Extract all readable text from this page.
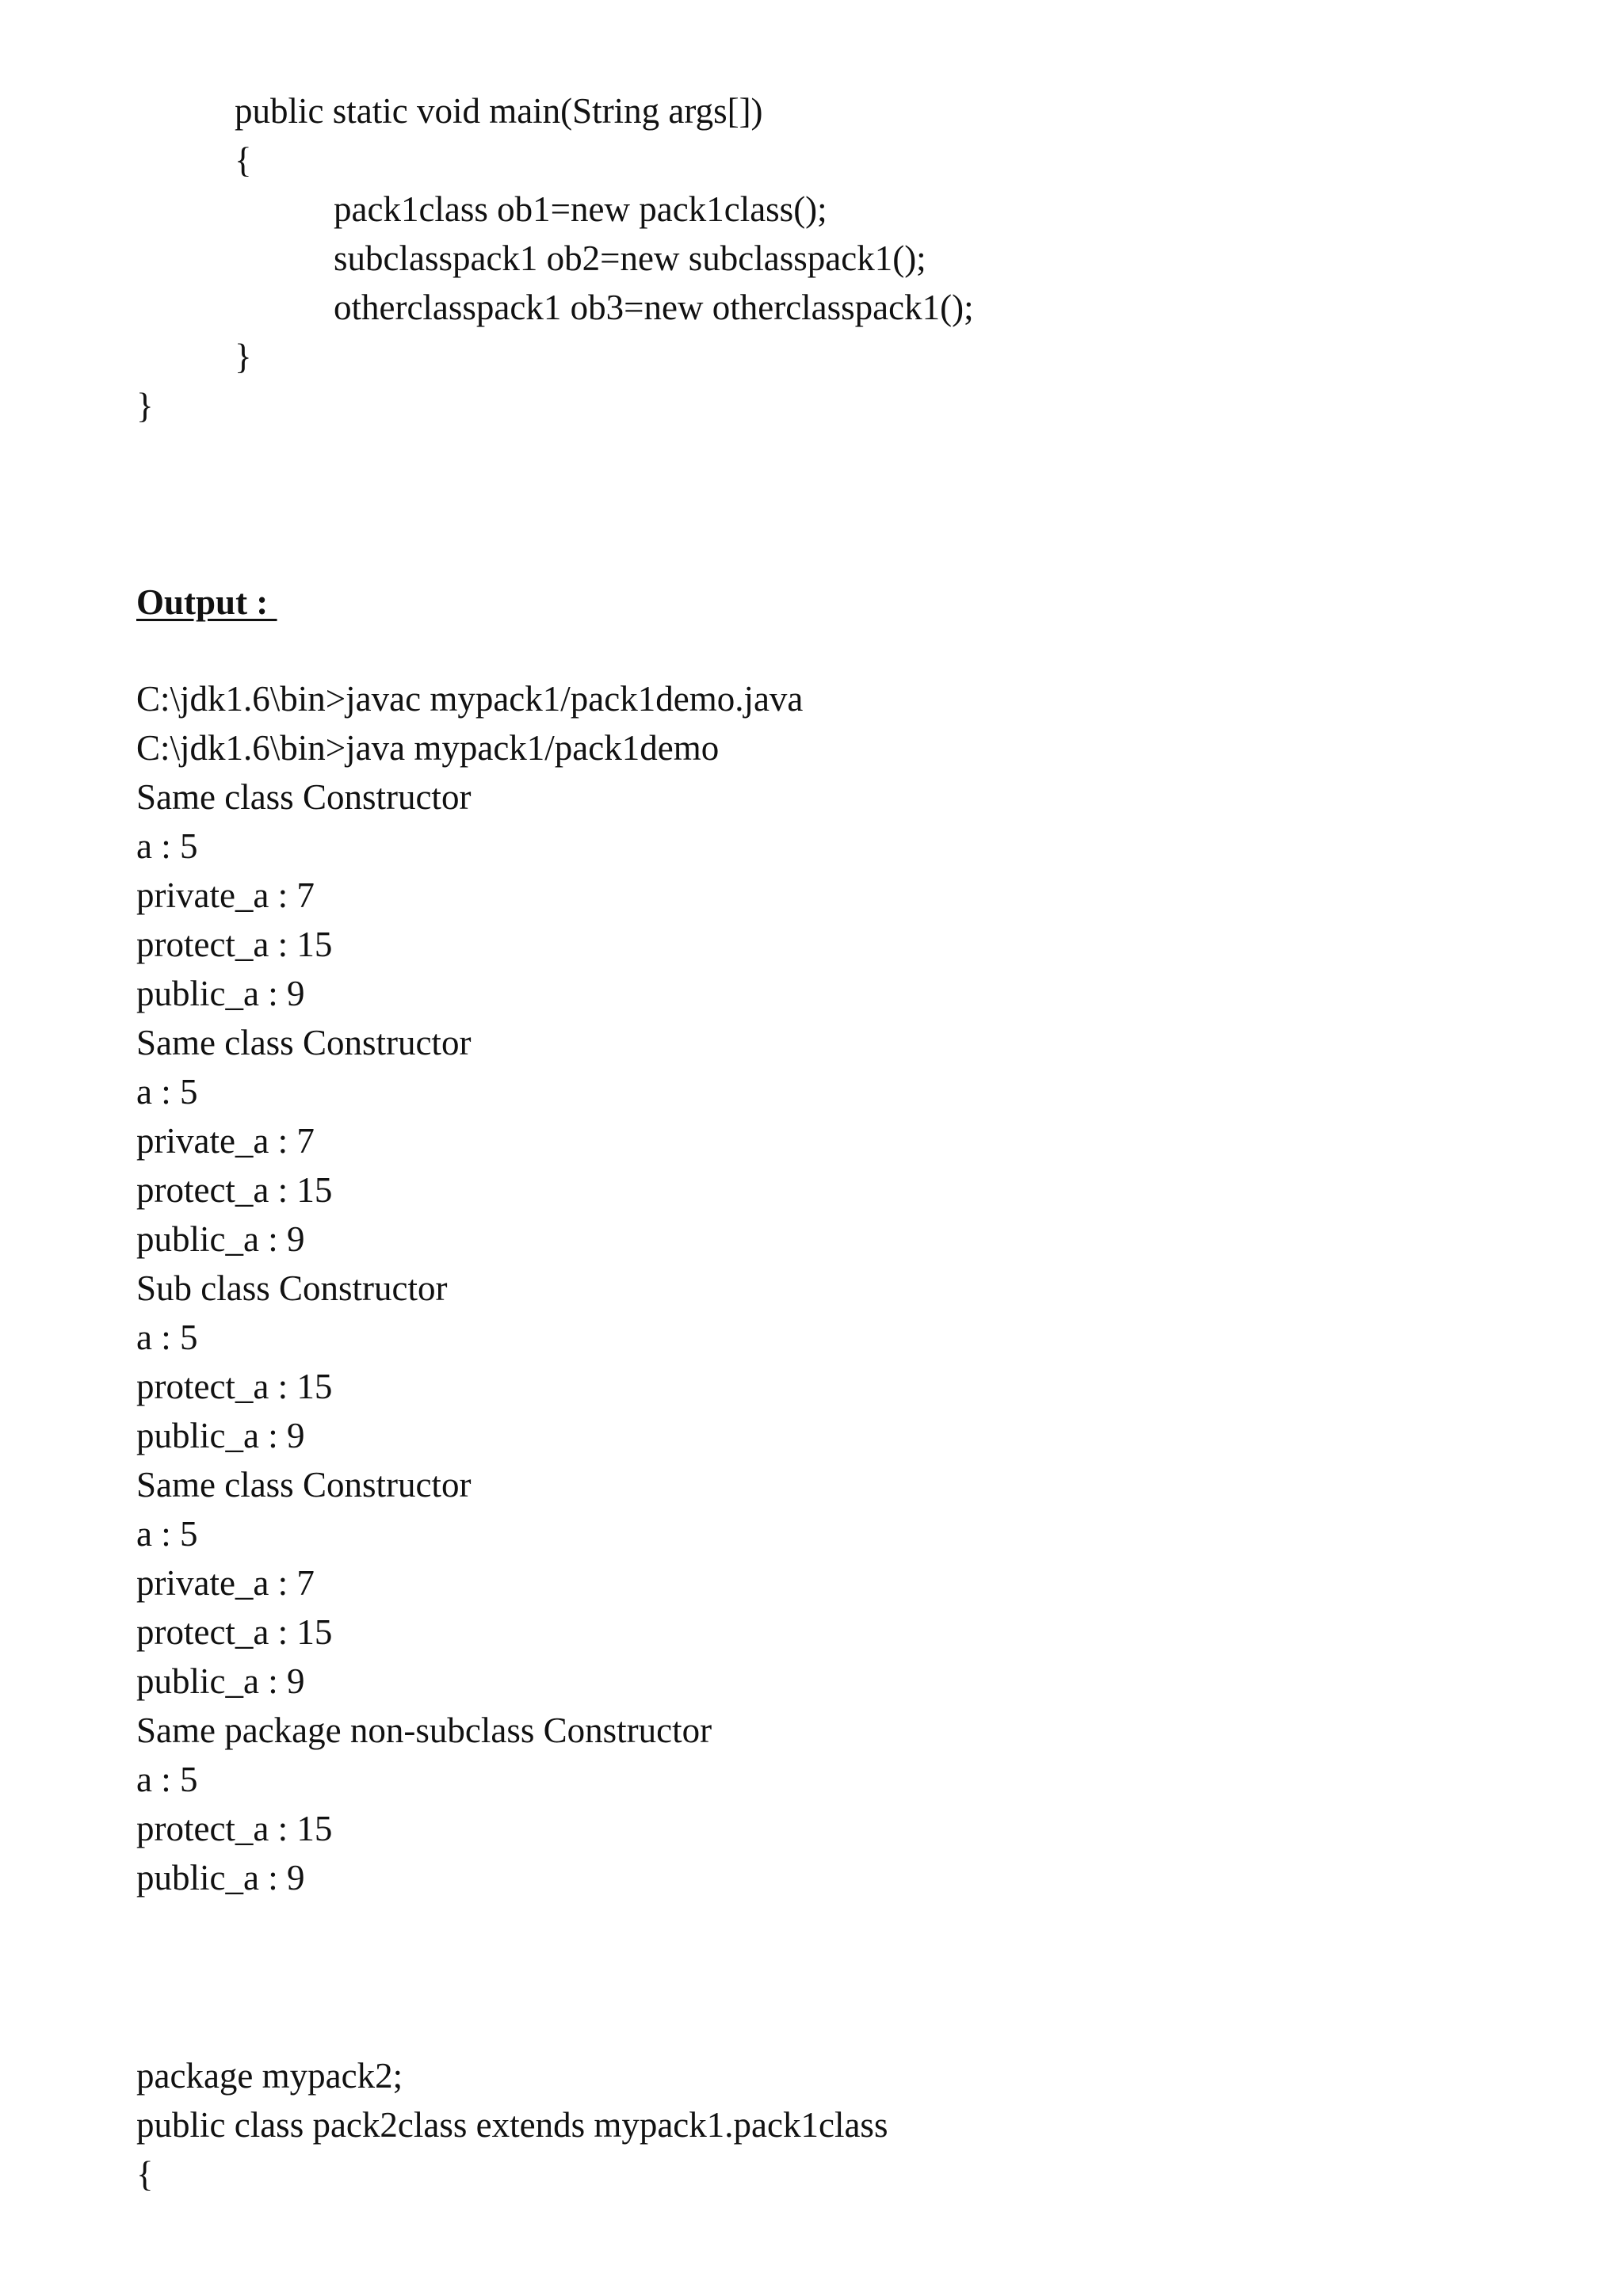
public static void main(String args[])
{
pack1class ob1=new pack1class();
subclasspack1 ob2=new subclasspack1();
otherclasspack1 ob3=new otherclasspack1();
}
}
Output :
C:\jdk1.6\bin>javac mypack1/pack1demo.java
C:\jdk1.6\bin>java mypack1/pack1demo
Same class Constructor
a : 5
private_a : 7
protect_a : 15
public_a : 9
Same class Constructor
a : 5
private_a : 7
protect_a : 15
public_a : 9
Sub class Constructor
a : 5
protect_a : 15
public_a : 9
Same class Constructor
a : 5
private_a : 7
protect_a : 15
public_a : 9
Same package non-subclass Constructor
a : 5
protect_a : 15
public_a : 9
package mypack2;
public class pack2class extends mypack1.pack1class
{
